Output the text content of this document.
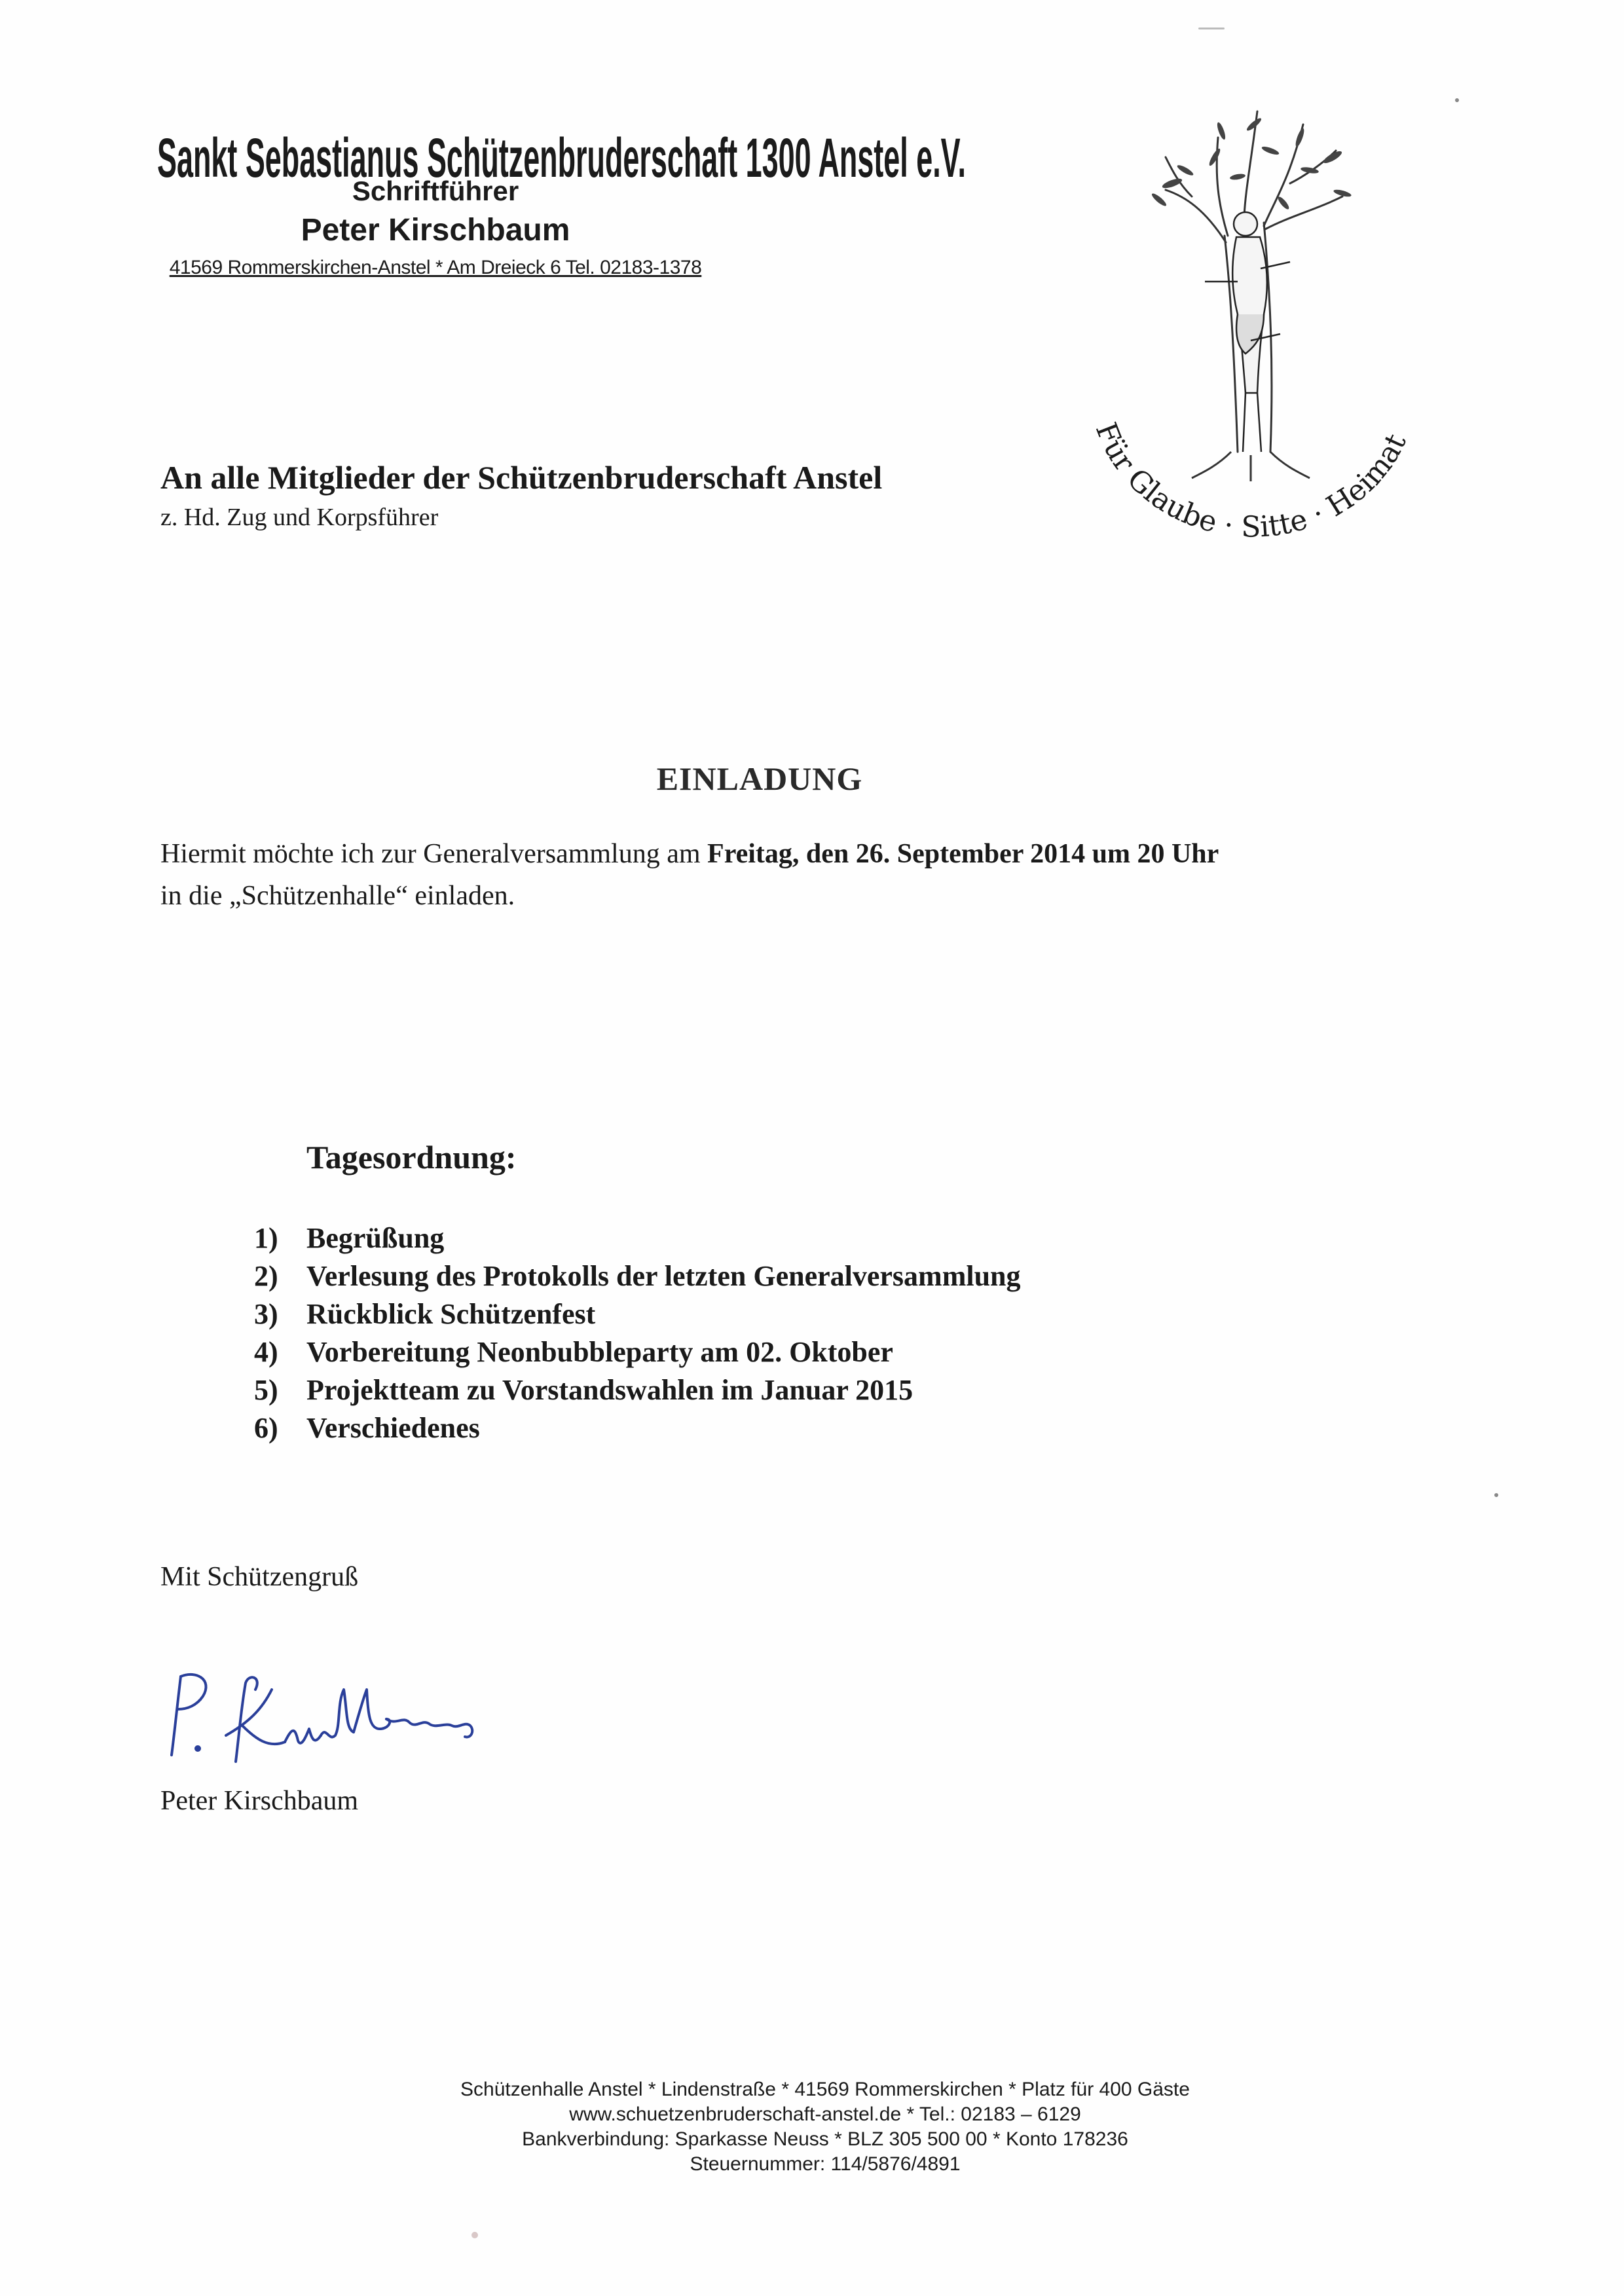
Sankt Sebastianus Schützenbruderschaft 1300 Anstel e.V.
Schriftführer
Peter Kirschbaum
41569 Rommerskirchen-Anstel * Am Dreieck 6 Tel. 02183-1378
Für Glaube · Sitte · Heimat
An alle Mitglieder der Schützenbruderschaft Anstel
z. Hd. Zug und Korpsführer
EINLADUNG
Hiermit möchte ich zur Generalversammlung am Freitag, den 26. September 2014 um 20 Uhr
in die „Schützenhalle“ einladen.
Tagesordnung:
1) Begrüßung
2) Verlesung des Protokolls der letzten Generalversammlung
3) Rückblick Schützenfest
4) Vorbereitung Neonbubbleparty am 02. Oktober
5) Projektteam zu Vorstandswahlen im Januar 2015
6) Verschiedenes
Mit Schützengruß
Peter Kirschbaum
Schützenhalle Anstel * Lindenstraße * 41569 Rommerskirchen * Platz für 400 Gäste
www.schuetzenbruderschaft-anstel.de * Tel.: 02183 – 6129
Bankverbindung: Sparkasse Neuss * BLZ 305 500 00 * Konto 178236
Steuernummer: 114/5876/4891
